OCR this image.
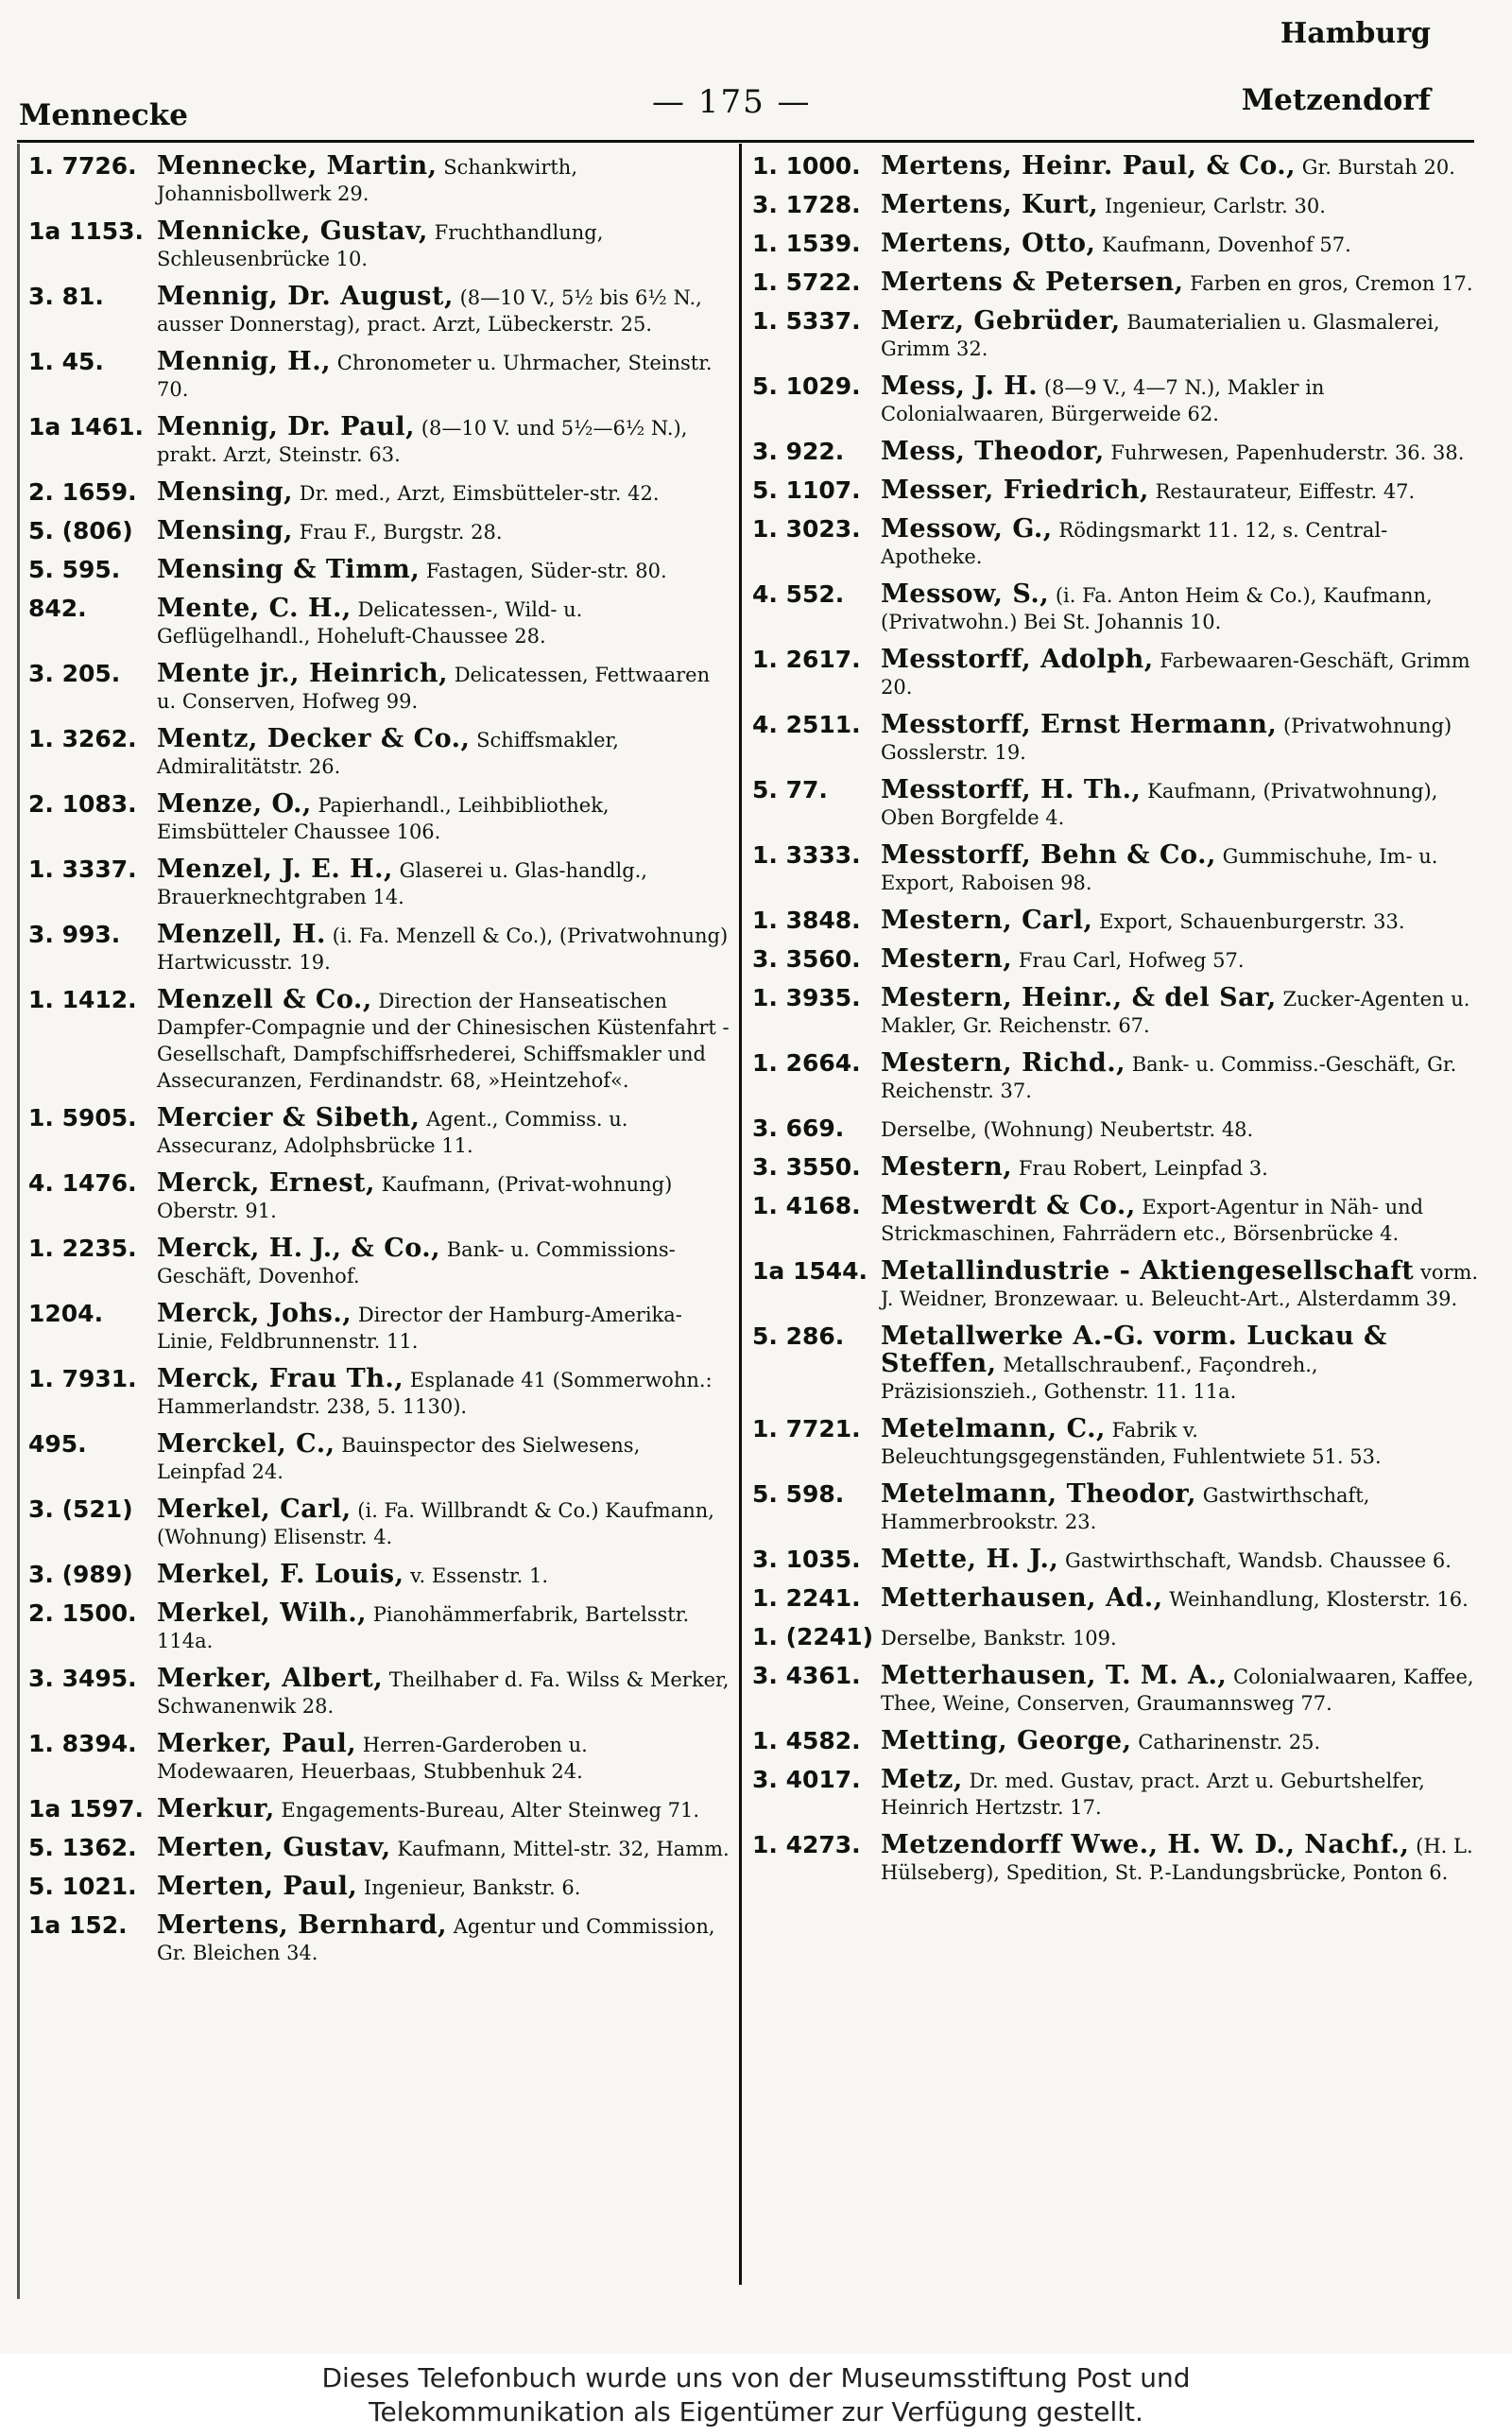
Hamburg
Mennecke	— 175 —	Metzendorf
1. 7726. Mennecke, Martin, Schankwirth, Johannisbollwerk 29.
1a 1153. Mennicke, Gustav, Fruchthandlung, Schleusenbrücke 10.
3. 81.	Mennig, Dr. August, (8—10 V., 5½ bis 6½ N., ausser Donnerstag), pract. Arzt, Lübeckerstr. 25.
1. 45.	Mennig, H., Chronometer u. Uhrmacher, Steinstr. 70.
1a 1461. Mennig, Dr. Paul, (8—10 V. und 5½—6½ N.), prakt. Arzt, Steinstr. 63.
2. 1659. Mensing, Dr. med., Arzt, Eimsbütteler-str. 42.
5. (806) Mensing, Frau F., Burgstr. 28.
5. 595.	Mensing & Timm, Fastagen, Süder-str. 80.
842.	Mente, C. H., Delicatessen-, Wild- u. Geflügelhandl., Hoheluft-Chaussee 28.
3. 205.	Mente jr., Heinrich, Delicatessen, Fettwaaren u. Conserven, Hofweg 99.
1. 3262. Mentz, Decker & Co., Schiffsmakler, Admiralitätstr. 26.
2. 1083. Menze, O., Papierhandl., Leihbibliothek, Eimsbütteler Chaussee 106.
1. 3337. Menzel, J. E. H., Glaserei u. Glas-handlg., Brauerknechtgraben 14.
3. 993.	Menzell, H. (i. Fa. Menzell & Co.), (Privatwohnung) Hartwicusstr. 19.
1. 1412. Menzell & Co., Direction der Hanseatischen Dampfer-Compagnie und der Chinesischen Küstenfahrt - Gesellschaft, Dampfschiffsrhederei, Schiffsmakler und Assecuranzen, Ferdinandstr. 68, »Heintzehof«.
1. 5905. Mercier & Sibeth, Agent., Commiss. u. Assecuranz, Adolphsbrücke 11.
4. 1476. Merck, Ernest, Kaufmann, (Privat-wohnung) Oberstr. 91.
1. 2235. Merck, H. J., & Co., Bank- u. Commissions-Geschäft, Dovenhof.
1204.	Merck, Johs., Director der Hamburg-Amerika-Linie, Feldbrunnenstr. 11.
1. 7931. Merck, Frau Th., Esplanade 41 (Sommerwohn.: Hammerlandstr. 238, 5. 1130).
495.	Merckel, C., Bauinspector des Sielwesens, Leinpfad 24.
3. (521) Merkel, Carl, (i. Fa. Willbrandt & Co.) Kaufmann, (Wohnung) Elisenstr. 4.
3. (989) Merkel, F. Louis, v. Essenstr. 1.
2. 1500. Merkel, Wilh., Pianohämmerfabrik, Bartelsstr. 114a.
3. 3495. Merker, Albert, Theilhaber d. Fa. Wilss & Merker, Schwanenwik 28.
1. 8394. Merker, Paul, Herren-Garderoben u. Modewaaren, Heuerbaas, Stubbenhuk 24.
1a 1597. Merkur, Engagements-Bureau, Alter Steinweg 71.
5. 1362. Merten, Gustav, Kaufmann, Mittel-str. 32, Hamm.
5. 1021. Merten, Paul, Ingenieur, Bankstr. 6.
1a 152.	Mertens, Bernhard, Agentur und Commission, Gr. Bleichen 34.
1. 1000. Mertens, Heinr. Paul, & Co., Gr. Burstah 20.
3. 1728. Mertens, Kurt, Ingenieur, Carlstr. 30.
1. 1539. Mertens, Otto, Kaufmann, Dovenhof 57.
1. 5722. Mertens & Petersen, Farben en gros, Cremon 17.
1. 5337. Merz, Gebrüder, Baumaterialien u. Glasmalerei, Grimm 32.
5. 1029. Mess, J. H. (8—9 V., 4—7 N.), Makler in Colonialwaaren, Bürgerweide 62.
3. 922.	Mess, Theodor, Fuhrwesen, Papenhuderstr. 36. 38.
5. 1107. Messer, Friedrich, Restaurateur, Eiffestr. 47.
1. 3023. Messow, G., Rödingsmarkt 11. 12, s. Central-Apotheke.
4. 552.	Messow, S., (i. Fa. Anton Heim & Co.), Kaufmann, (Privatwohn.) Bei St. Johannis 10.
1. 2617. Messtorff, Adolph, Farbewaaren-Geschäft, Grimm 20.
4. 2511. Messtorff, Ernst Hermann, (Privatwohnung) Gosslerstr. 19.
5. 77.	Messtorff, H. Th., Kaufmann, (Privatwohnung), Oben Borgfelde 4.
1. 3333. Messtorff, Behn & Co., Gummischuhe, Im- u. Export, Raboisen 98.
1. 3848. Mestern, Carl, Export, Schauenburgerstr. 33.
3. 3560. Mestern, Frau Carl, Hofweg 57.
1. 3935. Mestern, Heinr., & del Sar, Zucker-Agenten u. Makler, Gr. Reichenstr. 67.
1. 2664. Mestern, Richd., Bank- u. Commiss.-Geschäft, Gr. Reichenstr. 37.
3. 669.	Derselbe, (Wohnung) Neubertstr. 48.
3. 3550. Mestern, Frau Robert, Leinpfad 3.
1. 4168. Mestwerdt & Co., Export-Agentur in Näh- und Strickmaschinen, Fahrrädern etc., Börsenbrücke 4.
1a 1544. Metallindustrie - Aktiengesellschaft vorm. J. Weidner, Bronzewaar. u. Beleucht-Art., Alsterdamm 39.
5. 286.	Metallwerke A.-G. vorm. Luckau & Steffen, Metallschraubenf., Façondreh., Präzisionszieh., Gothenstr. 11. 11a.
1. 7721. Metelmann, C., Fabrik v. Beleuchtungsgegenständen, Fuhlentwiete 51. 53.
5. 598.	Metelmann, Theodor, Gastwirthschaft, Hammerbrookstr. 23.
3. 1035. Mette, H. J., Gastwirthschaft, Wandsb. Chaussee 6.
1. 2241. Metterhausen, Ad., Weinhandlung, Klosterstr. 16.
1. (2241) Derselbe, Bankstr. 109.
3. 4361. Metterhausen, T. M. A., Colonialwaaren, Kaffee, Thee, Weine, Conserven, Graumannsweg 77.
1. 4582. Metting, George, Catharinenstr. 25.
3. 4017. Metz, Dr. med. Gustav, pract. Arzt u. Geburtshelfer, Heinrich Hertzstr. 17.
1. 4273. Metzendorff Wwe., H. W. D., Nachf., (H. L. Hülseberg), Spedition, St. P.-Landungsbrücke, Ponton 6.
Dieses Telefonbuch wurde uns von der Museumsstiftung Post und
Telekommunikation als Eigentümer zur Verfügung gestellt.
